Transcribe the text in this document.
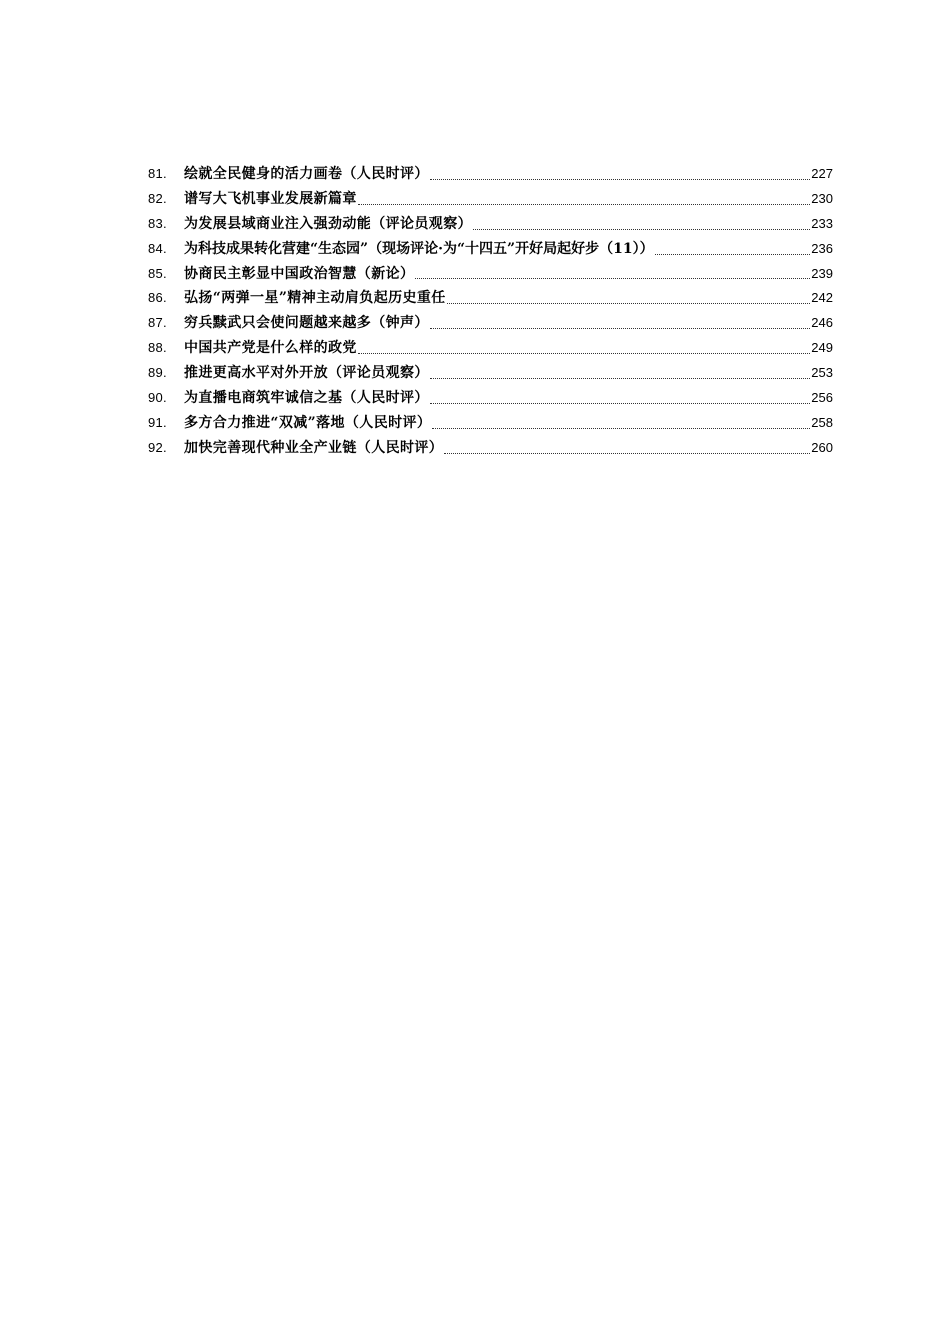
81.	绘就全民健身的活力画卷（人民时评）	227
82.	谱写大飞机事业发展新篇章	230
83.	为发展县域商业注入强劲动能（评论员观察）	233
84.	为科技成果转化营建“生态园”（现场评论·为“十四五”开好局起好步（11））	236
85.	协商民主彰显中国政治智慧（新论）	239
86.	弘扬“两弹一星”精神主动肩负起历史重任	242
87.	穷兵黩武只会使问题越来越多（钟声）	246
88.	中国共产党是什么样的政党	249
89.	推进更高水平对外开放（评论员观察）	253
90.	为直播电商筑牢诚信之基（人民时评）	256
91.	多方合力推进“双减”落地（人民时评）	258
92.	加快完善现代种业全产业链（人民时评）	260
